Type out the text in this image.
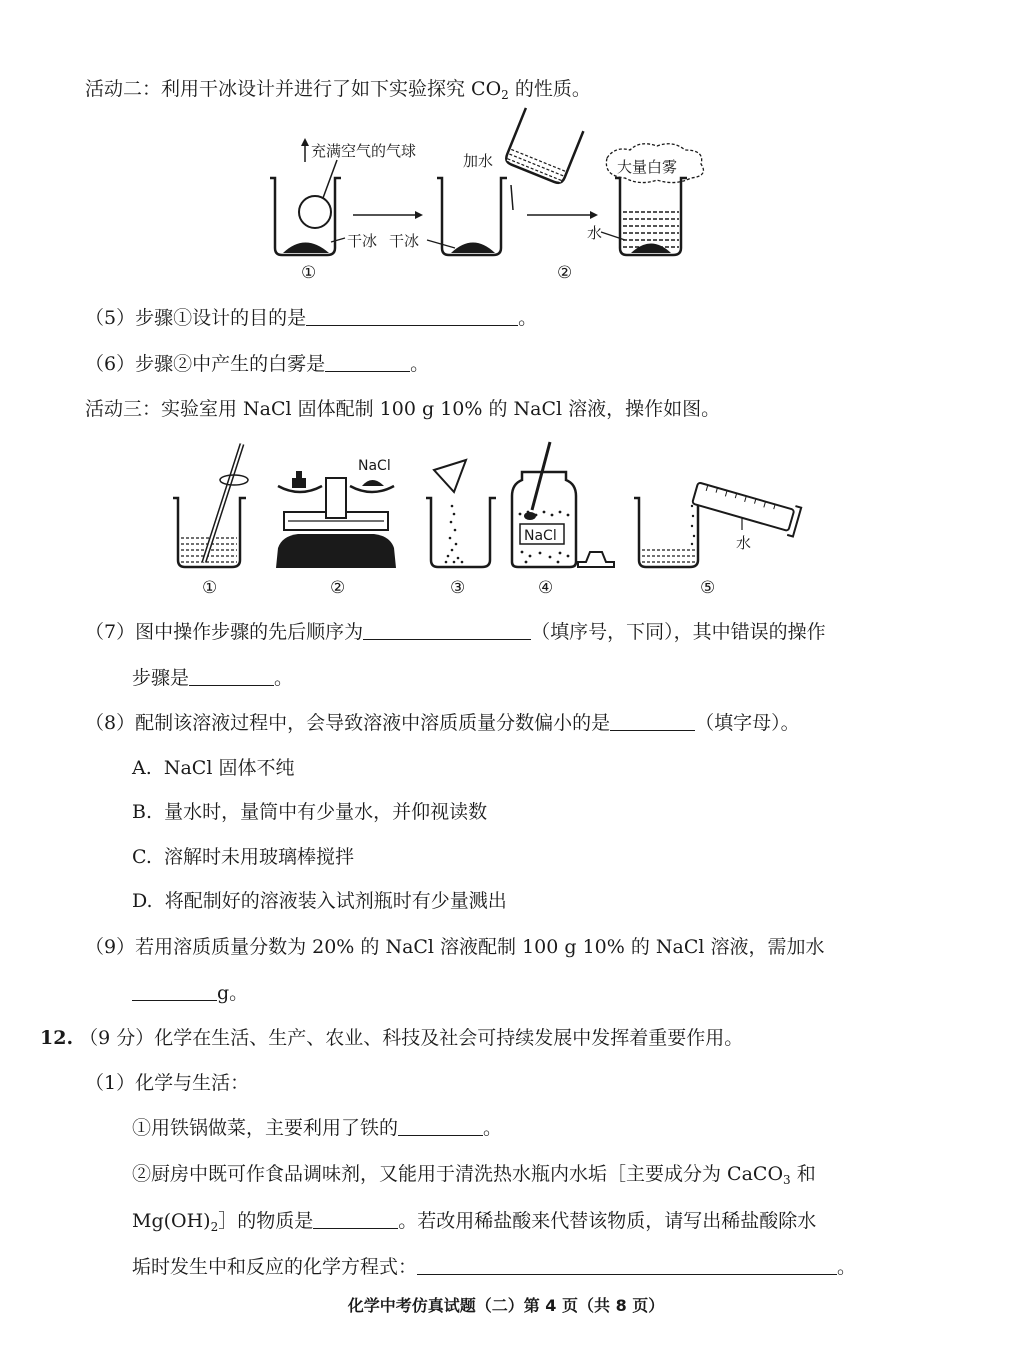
活动二：利用干冰设计并进行了如下实验探究 $CO_2$ 的性质。
充满空气的气球
干冰
①
干冰
加水
②
大量白雾
水
（5）步骤①设计的目的是	。
（6）步骤②中产生的白雾是	。
活动三：实验室用 NaCl 固体配制 100 g 10% 的 NaCl 溶液，操作如图。
①
NaCl
②	③
NaCl
④
水
⑤
（7）图中操作步骤的先后顺序为	（填序号，下同），其中错误的操作
步骤是	。
（8）配制该溶液过程中，会导致溶液中溶质质量分数偏小的是	（填字母）。
A. NaCl 固体不纯
B. 量水时，量筒中有少量水，并仰视读数
C. 溶解时未用玻璃棒搅拌
D. 将配制好的溶液装入试剂瓶时有少量溅出
（9）若用溶质质量分数为 20% 的 NaCl 溶液配制 100 g 10% 的 NaCl 溶液，需加水
g。
12. （9 分）化学在生活、生产、农业、科技及社会可持续发展中发挥着重要作用。
（1）化学与生活：
①用铁锅做菜，主要利用了铁的	。
②厨房中既可作食品调味剂，又能用于清洗热水瓶内水垢［主要成分为 CaCO$_3$ 和
$Mg(OH)_2]$的物质是	。若改用稀盐酸来代替该物质，请写出稀盐酸除水
垢时发生中和反应的化学方程式：	。
化学中考仿真试题（二）第 4 页（共 8 页）
